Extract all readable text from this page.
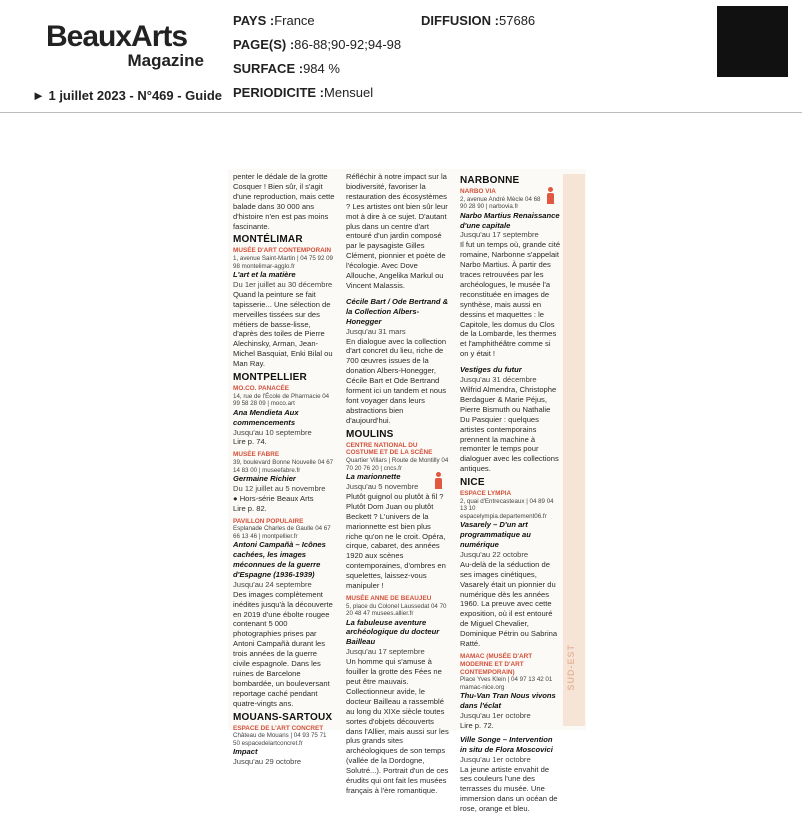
BeauxArts
Magazine
► 1 juillet 2023 - N°469 - Guide
PAYS :France
PAGE(S) :86-88;90-92;94-98
SURFACE :984 %
PERIODICITE :Mensuel
DIFFUSION :57686
SUD-EST

penter le dédale de la grotte Cosquer ! Bien sûr, il s'agit d'une reproduction, mais cette balade dans 30 000 ans d'histoire n'en est pas moins fascinante.

MONTÉLIMAR
MUSÉE D'ART CONTEMPORAIN
1, avenue Saint-Martin | 04 75 92 09 98 montelimar-agglo.fr
L'art et la matière
Du 1er juillet au 30 décembre

Quand la peinture se fait tapisserie... Une sélection de merveilles tissées sur des métiers de basse-lisse, d'après des toiles de Pierre Alechinsky, Arman, Jean-Michel Basquiat, Enki Bilal ou Man Ray.

MONTPELLIER
MO.CO. PANACÉE
14, rue de l'École de Pharmacie 04 99 58 28 09 | moco.art
Ana Mendieta Aux commencements
Jusqu'au 10 septembre
Lire p. 74.
MUSÉE FABRE
39, boulevard Bonne Nouvelle 04 67 14 83 00 | museefabre.fr
Germaine Richier
Du 12 juillet au 5 novembre
● Hors-série Beaux Arts
Lire p. 82.
PAVILLON POPULAIRE
Esplanade Charles de Gaulle 04 67 66 13 46 | montpellier.fr
Antoni Campañà – Icônes cachées, les images méconnues de la guerre d'Espagne (1936-1939)
Jusqu'au 24 septembre

Des images complètement inédites jusqu'à la découverte en 2019 d'une ébolte rougee contenant 5 000 photographies prises par Antoni Campañà durant les trois années de la guerre civile espagnole. Dans les ruines de Barcelone bombardée, un bouleversant reportage caché pendant quatre-vingts ans.

MOUANS-SARTOUX
ESPACE DE L'ART CONCRET
Château de Mouans | 04 93 75 71 50 espacedelartconcret.fr
Impact
Jusqu'au 29 octobre

Réfléchir à notre impact sur la biodiversité, favoriser la restauration des écosystèmes ? Les artistes ont bien sûr leur mot à dire à ce sujet. D'autant plus dans un centre d'art entouré d'un jardin composé par le paysagiste Gilles Clément, pionnier et poète de l'écologie. Avec Dove Allouche, Angelika Markul ou Vincent Malassis.

Cécile Bart / Ode Bertrand & la Collection Albers-Honegger
Jusqu'au 31 mars

En dialogue avec la collection d'art concret du lieu, riche de 700 œuvres issues de la donation Albers-Honegger, Cécile Bart et Ode Bertrand forment ici un tandem et nous font voyager dans leurs abstractions bien d'aujourd'hui.

MOULINS
CENTRE NATIONAL DU COSTUME ET DE LA SCÈNE
Quartier Villars | Route de Montilly 04 70 20 76 20 | cncs.fr
La marionnette
Jusqu'au 5 novembre

Plutôt guignol ou plutôt à fil ? Plutôt Dom Juan ou plutôt Beckett ? L'univers de la marionnette est bien plus riche qu'on ne le croit. Opéra, cirque, cabaret, des années 1920 aux scènes contemporaines, d'ombres en squelettes, laissez-vous manipuler !

MUSÉE ANNE DE BEAUJEU
5, place du Colonel Laussedat 04 70 20 48 47 musees.allier.fr
La fabuleuse aventure archéologique du docteur Bailleau
Jusqu'au 17 septembre

Un homme qui s'amuse à fouiller la grotte des Fées ne peut être mauvais. Collectionneur avide, le docteur Bailleau a rassemblé au long du XIXe siècle toutes sortes d'objets découverts dans l'Allier, mais aussi sur les plus grands sites archéologiques de son temps (vallée de la Dordogne, Solutré...). Portrait d'un de ces érudits qui ont fait les musées français à l'ère romantique.

NARBONNE
NARBO VIA
2, avenue André Mècle 04 68 90 28 90 | narbovia.fr
Narbo Martius Renaissance d'une capitale
Jusqu'au 17 septembre

Il fut un temps où, grande cité romaine, Narbonne s'appelait Narbo Martius. À partir des traces retrouvées par les archéologues, le musée l'a reconstituée en images de synthèse, mais aussi en dessins et maquettes : le Capitole, les domus du Clos de la Lombarde, les thermes et l'amphithéâtre comme si on y était !

Vestiges du futur
Jusqu'au 31 décembre

Wilfrid Almendra, Christophe Berdaguer & Marie Péjus, Pierre Bismuth ou Nathalie Du Pasquier : quelques artistes contemporains prennent la machine à remonter le temps pour dialoguer avec les collections antiques.

NICE
ESPACE LYMPIA
2, quai d'Entrecasteaux | 04 89 04 13 10 espacelympia.departement06.fr
Vasarely – D'un art programmatique au numérique
Jusqu'au 22 octobre

Au-delà de la séduction de ses images cinétiques, Vasarely était un pionnier du numérique dès les années 1960. La preuve avec cette exposition, où il est entouré de Miguel Chevalier, Dominique Pétrin ou Sabrina Ratté.

MAMAC (MUSÉE D'ART MODERNE ET D'ART CONTEMPORAIN)
Place Yves Klein | 04 97 13 42 01 mamac-nice.org
Thu-Van Tran Nous vivons dans l'éclat
Jusqu'au 1er octobre
Lire p. 72.
Ville Songe – Intervention in situ de Flora Moscovici
Jusqu'au 1er octobre

La jeune artiste envahit de ses couleurs l'une des terrasses du musée. Une immersion dans un océan de rose, orange et bleu.
